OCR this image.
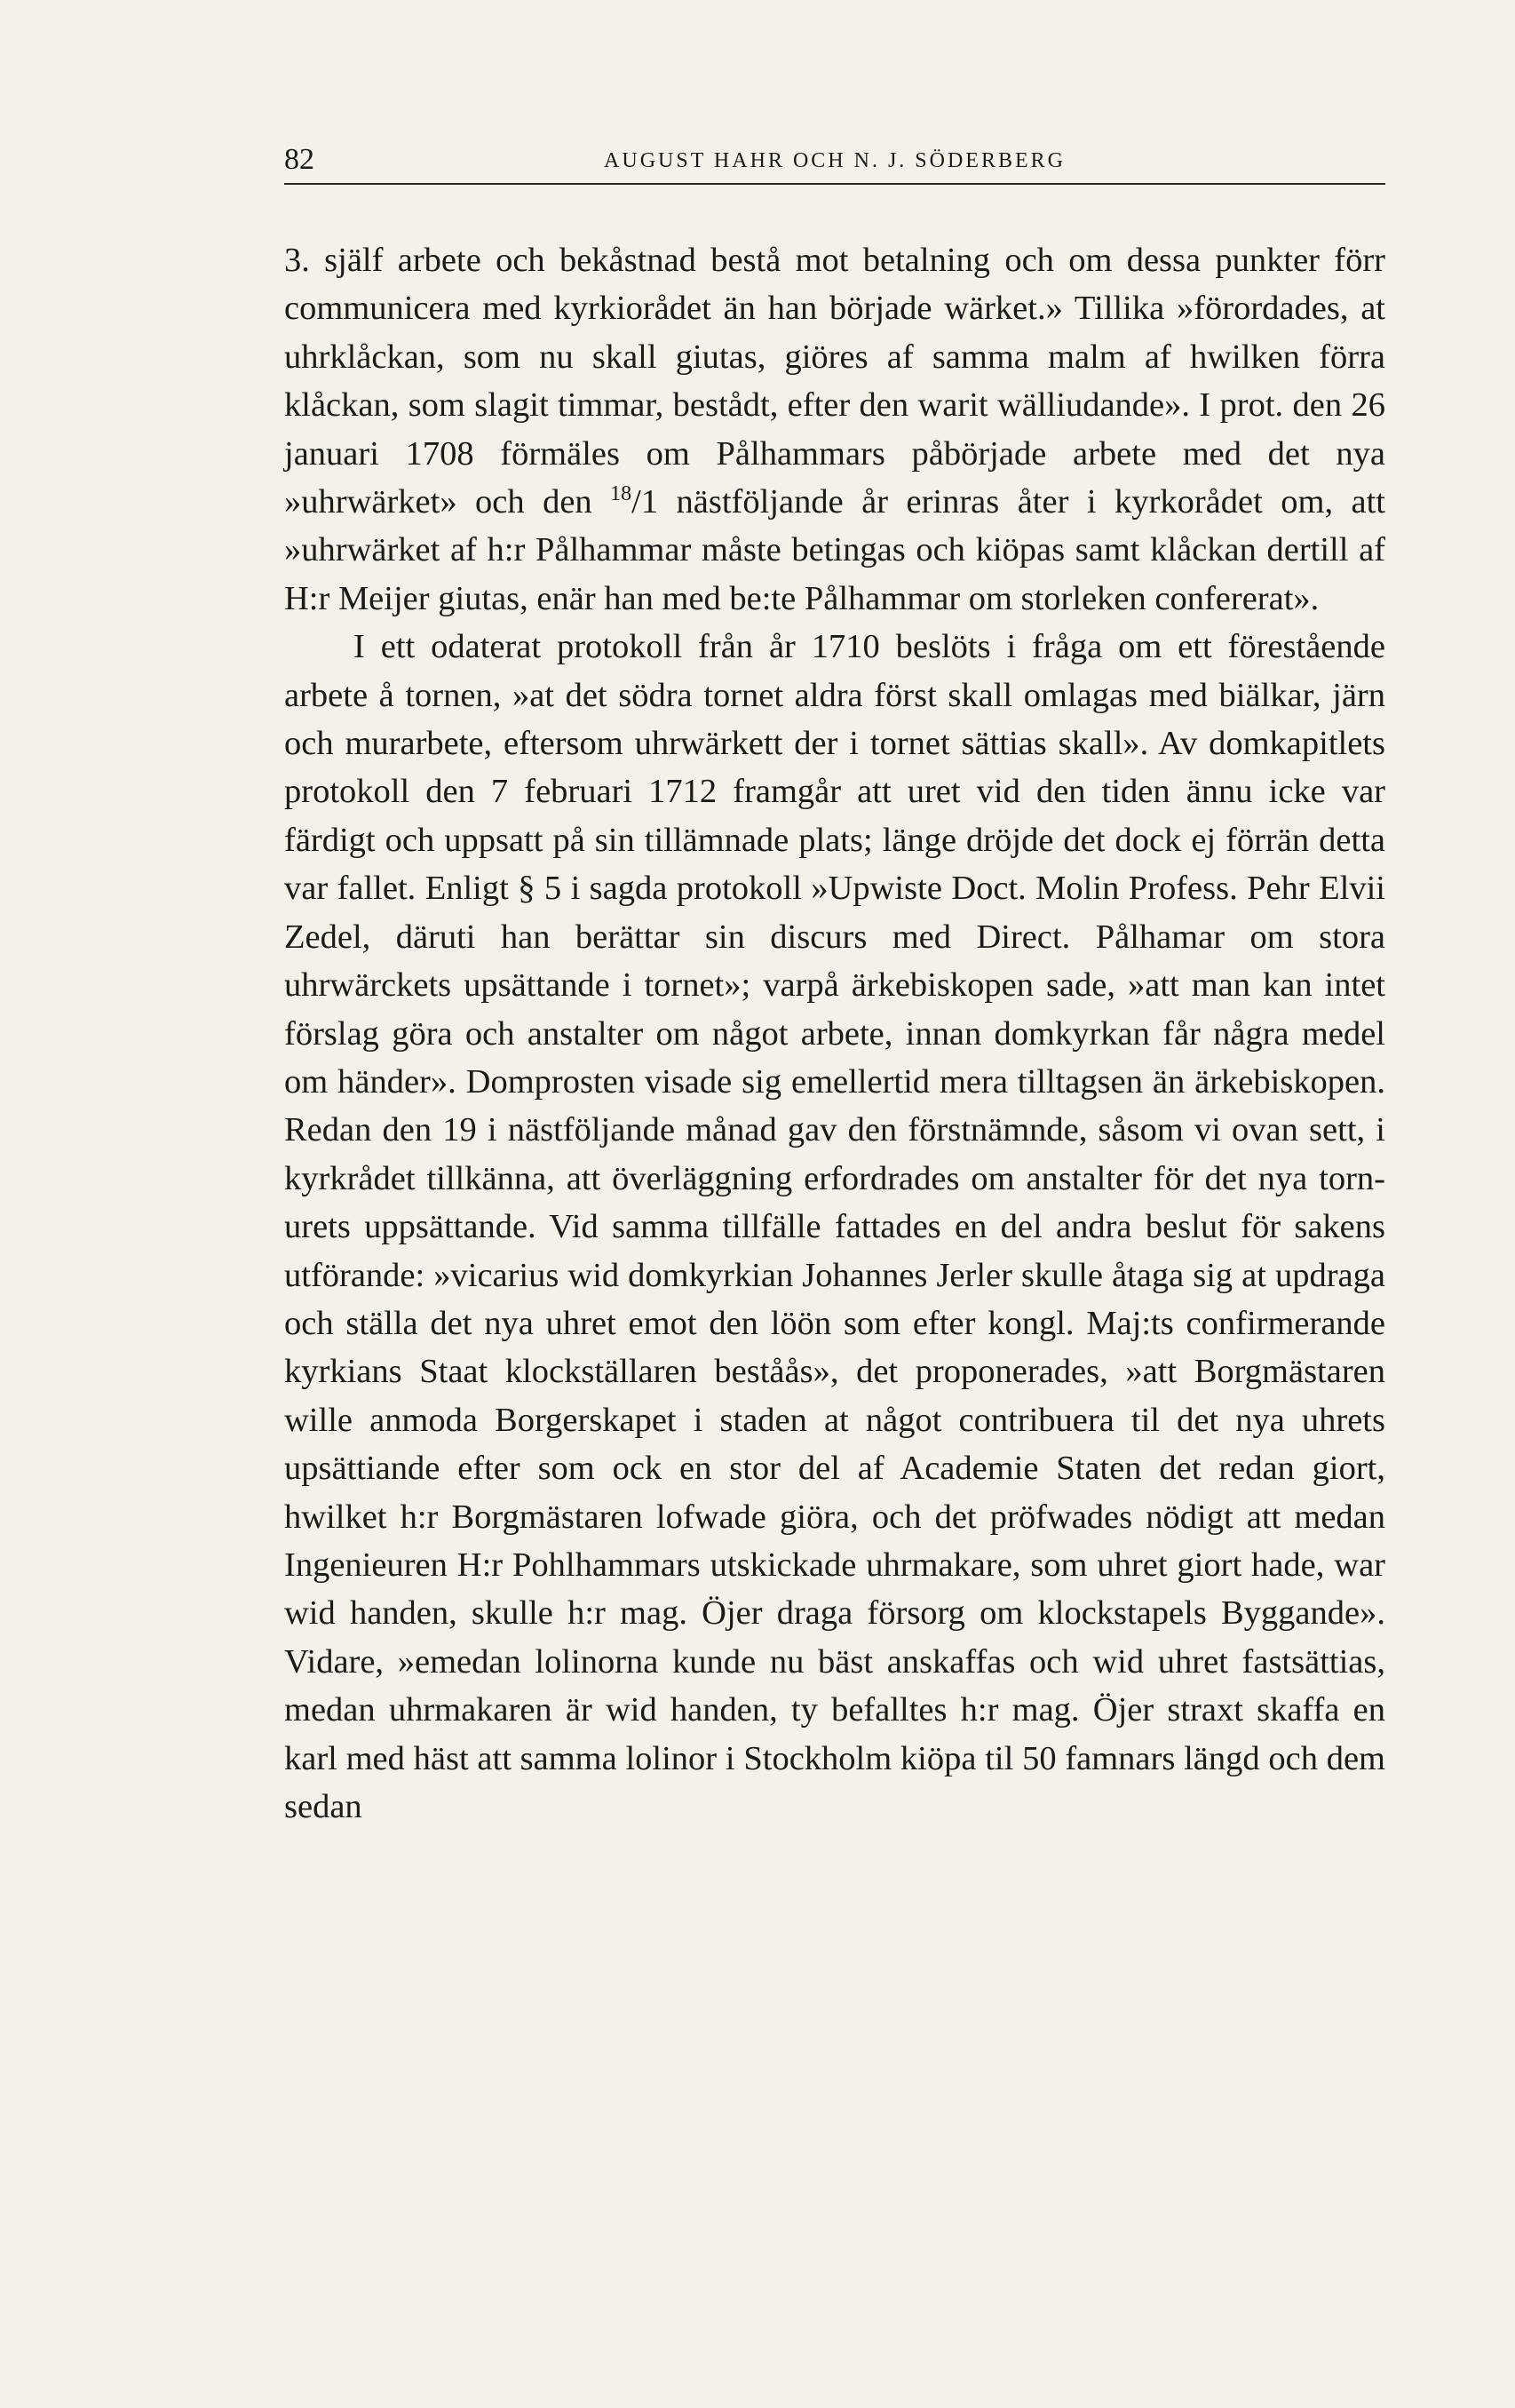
82	AUGUST HAHR OCH N. J. SÖDERBERG

3. själf arbete och bekåstnad bestå mot betalning och om dessa punkter förr communicera med kyrkiorådet än han började wärket.» Tillika »förordades, at uhrklåckan, som nu skall giutas, giöres af samma malm af hwilken förra klåckan, som slagit timmar, bestådt, efter den warit wälliudande». I prot. den 26 januari 1708 förmäles om Pålhammars påbörjade arbete med det nya »uhrwärket» och den $^{18}$/1 nästföljande år erinras åter i kyrkorådet om, att »uhrwärket af h:r Pålhammar måste betingas och kiöpas samt klåckan dertill af H:r Meijer giutas, enär han med be:te Pålhammar om storleken confererat».

I ett odaterat protokoll från år 1710 beslöts i fråga om ett förestående arbete å tornen, »at det södra tornet aldra först skall omlagas med biälkar, järn och murarbete, eftersom uhrwärkett der i tornet sättias skall». Av domkapitlets protokoll den 7 februari 1712 framgår att uret vid den tiden ännu icke var färdigt och uppsatt på sin tillämnade plats; länge dröjde det dock ej förrän detta var fallet. Enligt § 5 i sagda protokoll »Upwiste Doct. Molin Profess. Pehr Elvii Zedel, däruti han berättar sin discurs med Direct. Pålhamar om stora uhrwärckets upsättande i tornet»; varpå ärkebiskopen sade, »att man kan intet förslag göra och anstalter om något arbete, innan domkyrkan får några medel om händer». Domprosten visade sig emellertid mera tilltagsen än ärkebiskopen. Redan den 19 i nästföljande månad gav den förstnämnde, såsom vi ovan sett, i kyrkrådet tillkänna, att överläggning erfordrades om anstalter för det nya tornurets uppsättande. Vid samma tillfälle fattades en del andra beslut för sakens utförande: »vicarius wid domkyrkian Johannes Jerler skulle åtaga sig at updraga och ställa det nya uhret emot den löön som efter kongl. Maj:ts confirmerande kyrkians Staat klockställaren beståås», det proponerades, »att Borgmästaren wille anmoda Borgerskapet i staden at något contribuera til det nya uhrets upsättiande efter som ock en stor del af Academie Staten det redan giort, hwilket h:r Borgmästaren lofwade giöra, och det pröfwades nödigt att medan Ingenieuren H:r Pohlhammars utskickade uhrmakare, som uhret giort hade, war wid handen, skulle h:r mag. Öjer draga försorg om klockstapels Byggande». Vidare, »emedan lolinorna kunde nu bäst anskaffas och wid uhret fastsättias, medan uhrmakaren är wid handen, ty befalltes h:r mag. Öjer straxt skaffa en karl med häst att samma lolinor i Stockholm kiöpa til 50 famnars längd och dem sedan
